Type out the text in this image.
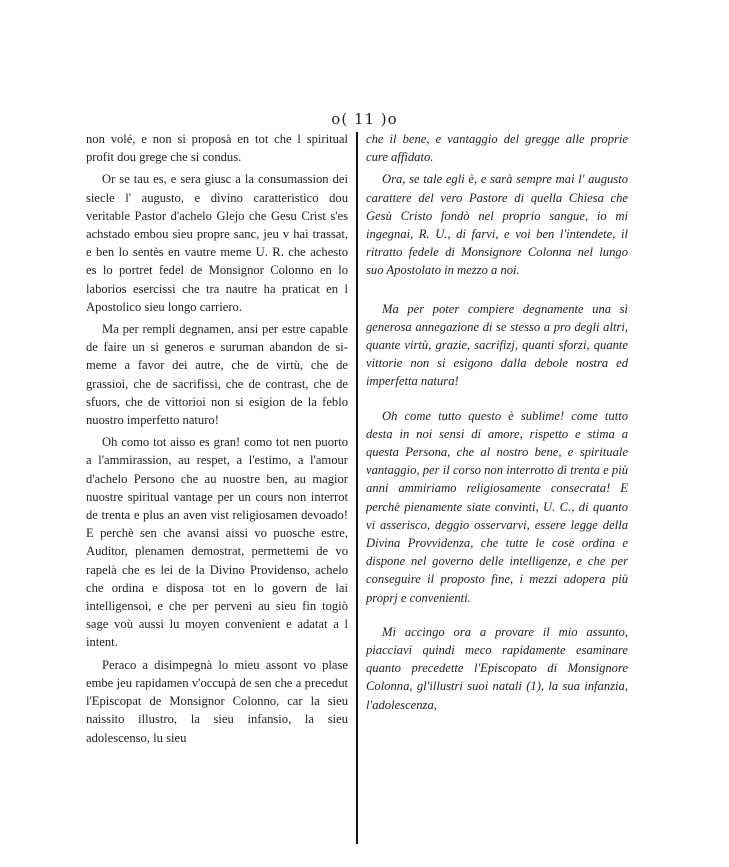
o( 11 )o

non volé, e non si proposà en tot che l spiritual profit dou grege che si condus.

Or se tau es, e sera giusc a la consumassion dei siecle l' augusto, e divino caratteristico dou veritable Pastor d'achelo Glejo che Gesu Crist s'es achstado embou sieu propre sanc, jeu v hai trassat, e ben lo sentès en vautre meme U. R. che achesto es lo portret fedel de Monsignor Colonno en lo laborios esercissi che tra nautre ha praticat en l Apostolico sieu longo carriero.

Ma per rempli degnamen, ansi per estre capable de faire un si generos e suruman abandon de si-meme a favor dei autre, che de virtù, che de grassioi, che de sacrifissi, che de contrast, che de sfuors, che de vittorioi non si esigion de la feblo nuostro imperfetto naturo!

Oh como tot aisso es gran! como tot nen puorto a l'ammirassion, au respet, a l'estimo, a l'amour d'achelo Persono che au nuostre ben, au magior nuostre spiritual vantage per un cours non interrot de trenta e plus an aven vist religiosamen devoado! E perchè sen che avansi aissi vo puosche estre, Auditor, plenamen demostrat, permettemi de vo rapelà che es lei de la Divino Providenso, achelo che ordina e disposa tot en lo govern de lai intelligensoi, e che per perveni au sieu fin togiò sage voù aussi lu moyen convenient e adatat a l intent.

Peraco a disimpegnà lo mieu assont vo plase embe jeu rapidamen v'occupà de sen che a precedut l'Episcopat de Monsignor Colonno, car la sieu naissito illustro, la sieu infansio, la sieu adolescenso, lu sieu

che il bene, e vantaggio del gregge alle proprie cure affidato.

Ora, se tale egli è, e sarà sempre mai l' augusto carattere del vero Pastore di quella Chiesa che Gesù Cristo fondò nel proprio sangue, io mi ingegnai, R. U., di farvi, e voi ben l'intendete, il ritratto fedele di Monsignore Colonna nel lungo suo Apostolato in mezzo a noi.

Ma per poter compiere degnamente una sì generosa annegazione di se stesso a pro degli altri, quante virtù, grazie, sacrifizj, quanti sforzi, quante vittorie non si esigono dalla debole nostra ed imperfetta natura!

Oh come tutto questo è sublime! come tutto desta in noi sensi di amore, rispetto e stima a questa Persona, che al nostro bene, e spirituale vantaggio, per il corso non interrotto di trenta e più anni ammiriamo religiosamente consecrata! E perchè pienamente siate convinti, U. C., di quanto vi asserisco, deggio osservarvi, essere legge della Divina Provvidenza, che tutte le cose ordina e dispone nel governo delle intelligenze, e che per conseguire il proposto fine, i mezzi adopera più proprj e convenienti.

Mi accingo ora a provare il mio assunto, piacciavi quindi meco rapidamente esaminare quanto precedette l'Episcopato di Monsignore Colonna, gl'illustri suoi natali (1), la sua infanzia, l'adolescenza,
